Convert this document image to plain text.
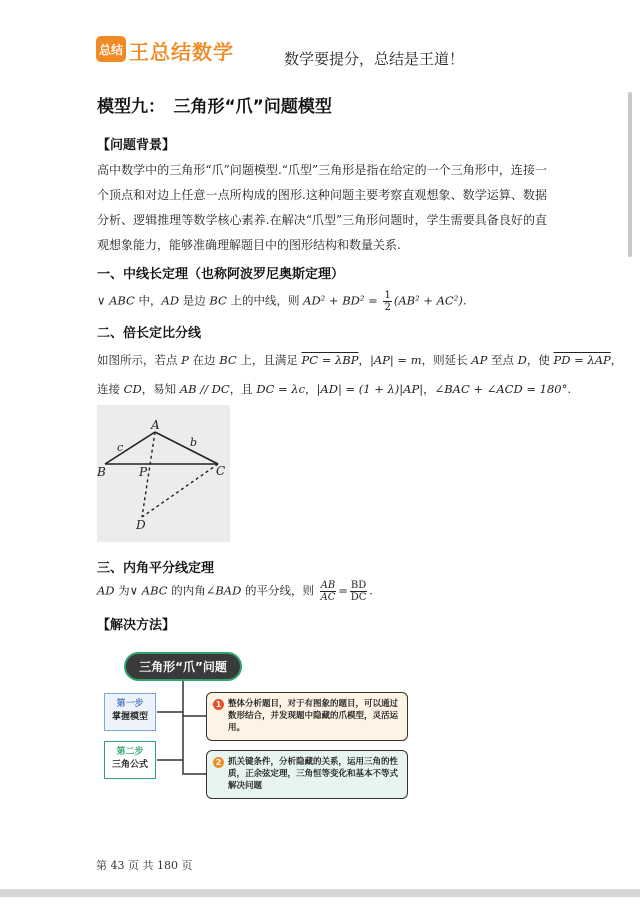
总结 王总结数学	数学要提分，总结是王道！
模型九：　三角形“爪”问题模型
【问题背景】
高中数学中的三角形“爪”问题模型.“爪型”三角形是指在给定的一个三角形中，连接一个顶点和对边上任意一点所构成的图形.这种问题主要考察直观想象、数学运算、数据分析、逻辑推理等数学核心素养.在解决“爪型”三角形问题时，学生需要具备良好的直观想象能力，能够准确理解题目中的图形结构和数量关系.
一、中线长定理（也称阿波罗尼奥斯定理）
∨ ABC 中，AD 是边 BC 上的中线，则 $AD^2 + BD^2 = \frac{1}{2} (AB^2 + AC^2)$.
二、倍长定比分线
如图所示，若点 P 在边 BC 上，且满足 PC = λBP，|AP| = m，则延长 AP 至点 D，使 PD = λAP，
连接 CD，易知 AB // DC，且 DC = λc，|AD| = (1 + λ)|AP|，∠BAC + ∠ACD = 180°.
A
B	C
P
D
c	b
三、内角平分线定理
AD 为∨ ABC 的内角∠BAD 的平分线，则 $\frac{AB}{AC} = \frac{BD}{DC}$ .
【解决方法】
三角形“爪”问题
第一步
掌握模型
第二步
三角公式
1 整体分析题目，对于有图象的题目，可以通过数形结合，并发现题中隐藏的爪模型，灵活运用。
2 抓关键条件，分析隐藏的关系，运用三角的性质，正余弦定理，三角恒等变化和基本不等式解决问题
第 43 页 共 180 页
